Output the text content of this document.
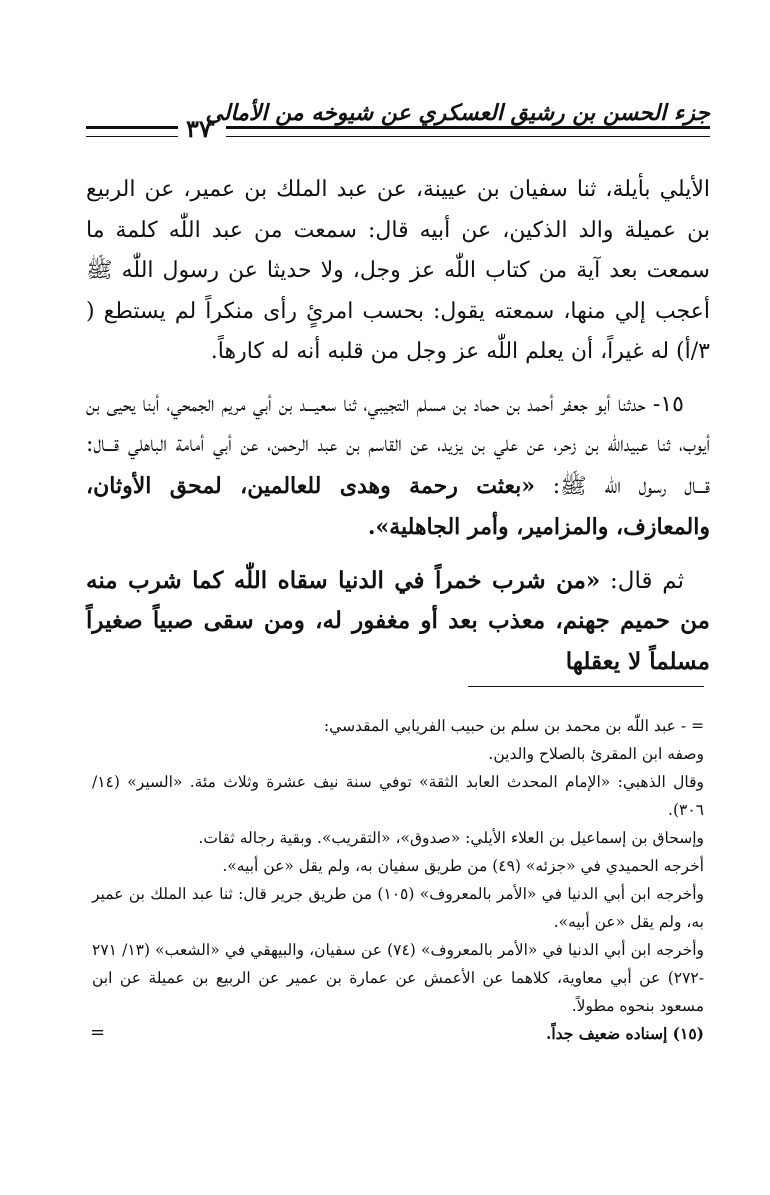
جزء الحسن بن رشيق العسكري عن شيوخه من الأمالي
٣٧

الأيلي بأيلة، ثنا سفيان بن عيينة، عن عبد الملك بن عمير، عن الربيع بن عميلة والد الذكين، عن أبيه قال: سمعت من عبد اللّٰه كلمة ما سمعت بعد آية من كتاب اللّٰه عز وجل، ولا حديثا عن رسول اللّٰه ﷺ أعجب إلي منها، سمعته يقول: بحسب امرئٍ رأى منكراً لم يستطع ( ٣/أ) له غيراً، أن يعلم اللّٰه عز وجل من قلبه أنه له كارهاً.

١٥- حدثنا أبو جعفر أحمد بن حماد بن مسلم التجيبي، ثنا سعيـــد بن أبي مريم الجمحي، أبنا يحيى بن أيوب، ثنا عبيداللّٰه بن زحر، عن علي بن يزيد، عن القاسم بن عبد الرحمن، عن أبي أمامة الباهلي قـــال: قـــال رسول اللّٰه ﷺ: «بعثت رحمة وهدى للعالمين، لمحق الأوثان، والمعازف، والمزامير، وأمر الجاهلية».

ثم قال: «من شرب خمراً في الدنيا سقاه اللّٰه كما شرب منه من حميم جهنم، معذب بعد أو مغفور له، ومن سقى صبياً صغيراً مسلماً لا يعقلها

= - عبد اللّٰه بن محمد بن سلم بن حبيب الفريابي المقدسي:

وصفه ابن المقرئ بالصلاح والدين.

وقال الذهبي: «الإمام المحدث العابد الثقة» توفي سنة نيف عشرة وثلاث مئة. «السير» (١٤/ ٣٠٦).

وإسحاق بن إسماعيل بن العلاء الأيلي: «صدوق»، «التقريب». وبقية رجاله ثقات.

أخرجه الحميدي في «جزئه» (٤٩) من طريق سفيان به، ولم يقل «عن أبيه».

وأخرجه ابن أبي الدنيا في «الأمر بالمعروف» (١٠٥) من طريق جرير قال: ثنا عبد الملك بن عمير به، ولم يقل «عن أبيه».

وأخرجه ابن أبي الدنيا في «الأمر بالمعروف» (٧٤) عن سفيان، والبيهقي في «الشعب» (١٣/ ٢٧١ -٢٧٢) عن أبي معاوية، كلاهما عن الأعمش عن عمارة بن عمير عن الربيع بن عميلة عن ابن مسعود بنحوه مطولاً.

(١٥) إسناده ضعيف جداً.

=
